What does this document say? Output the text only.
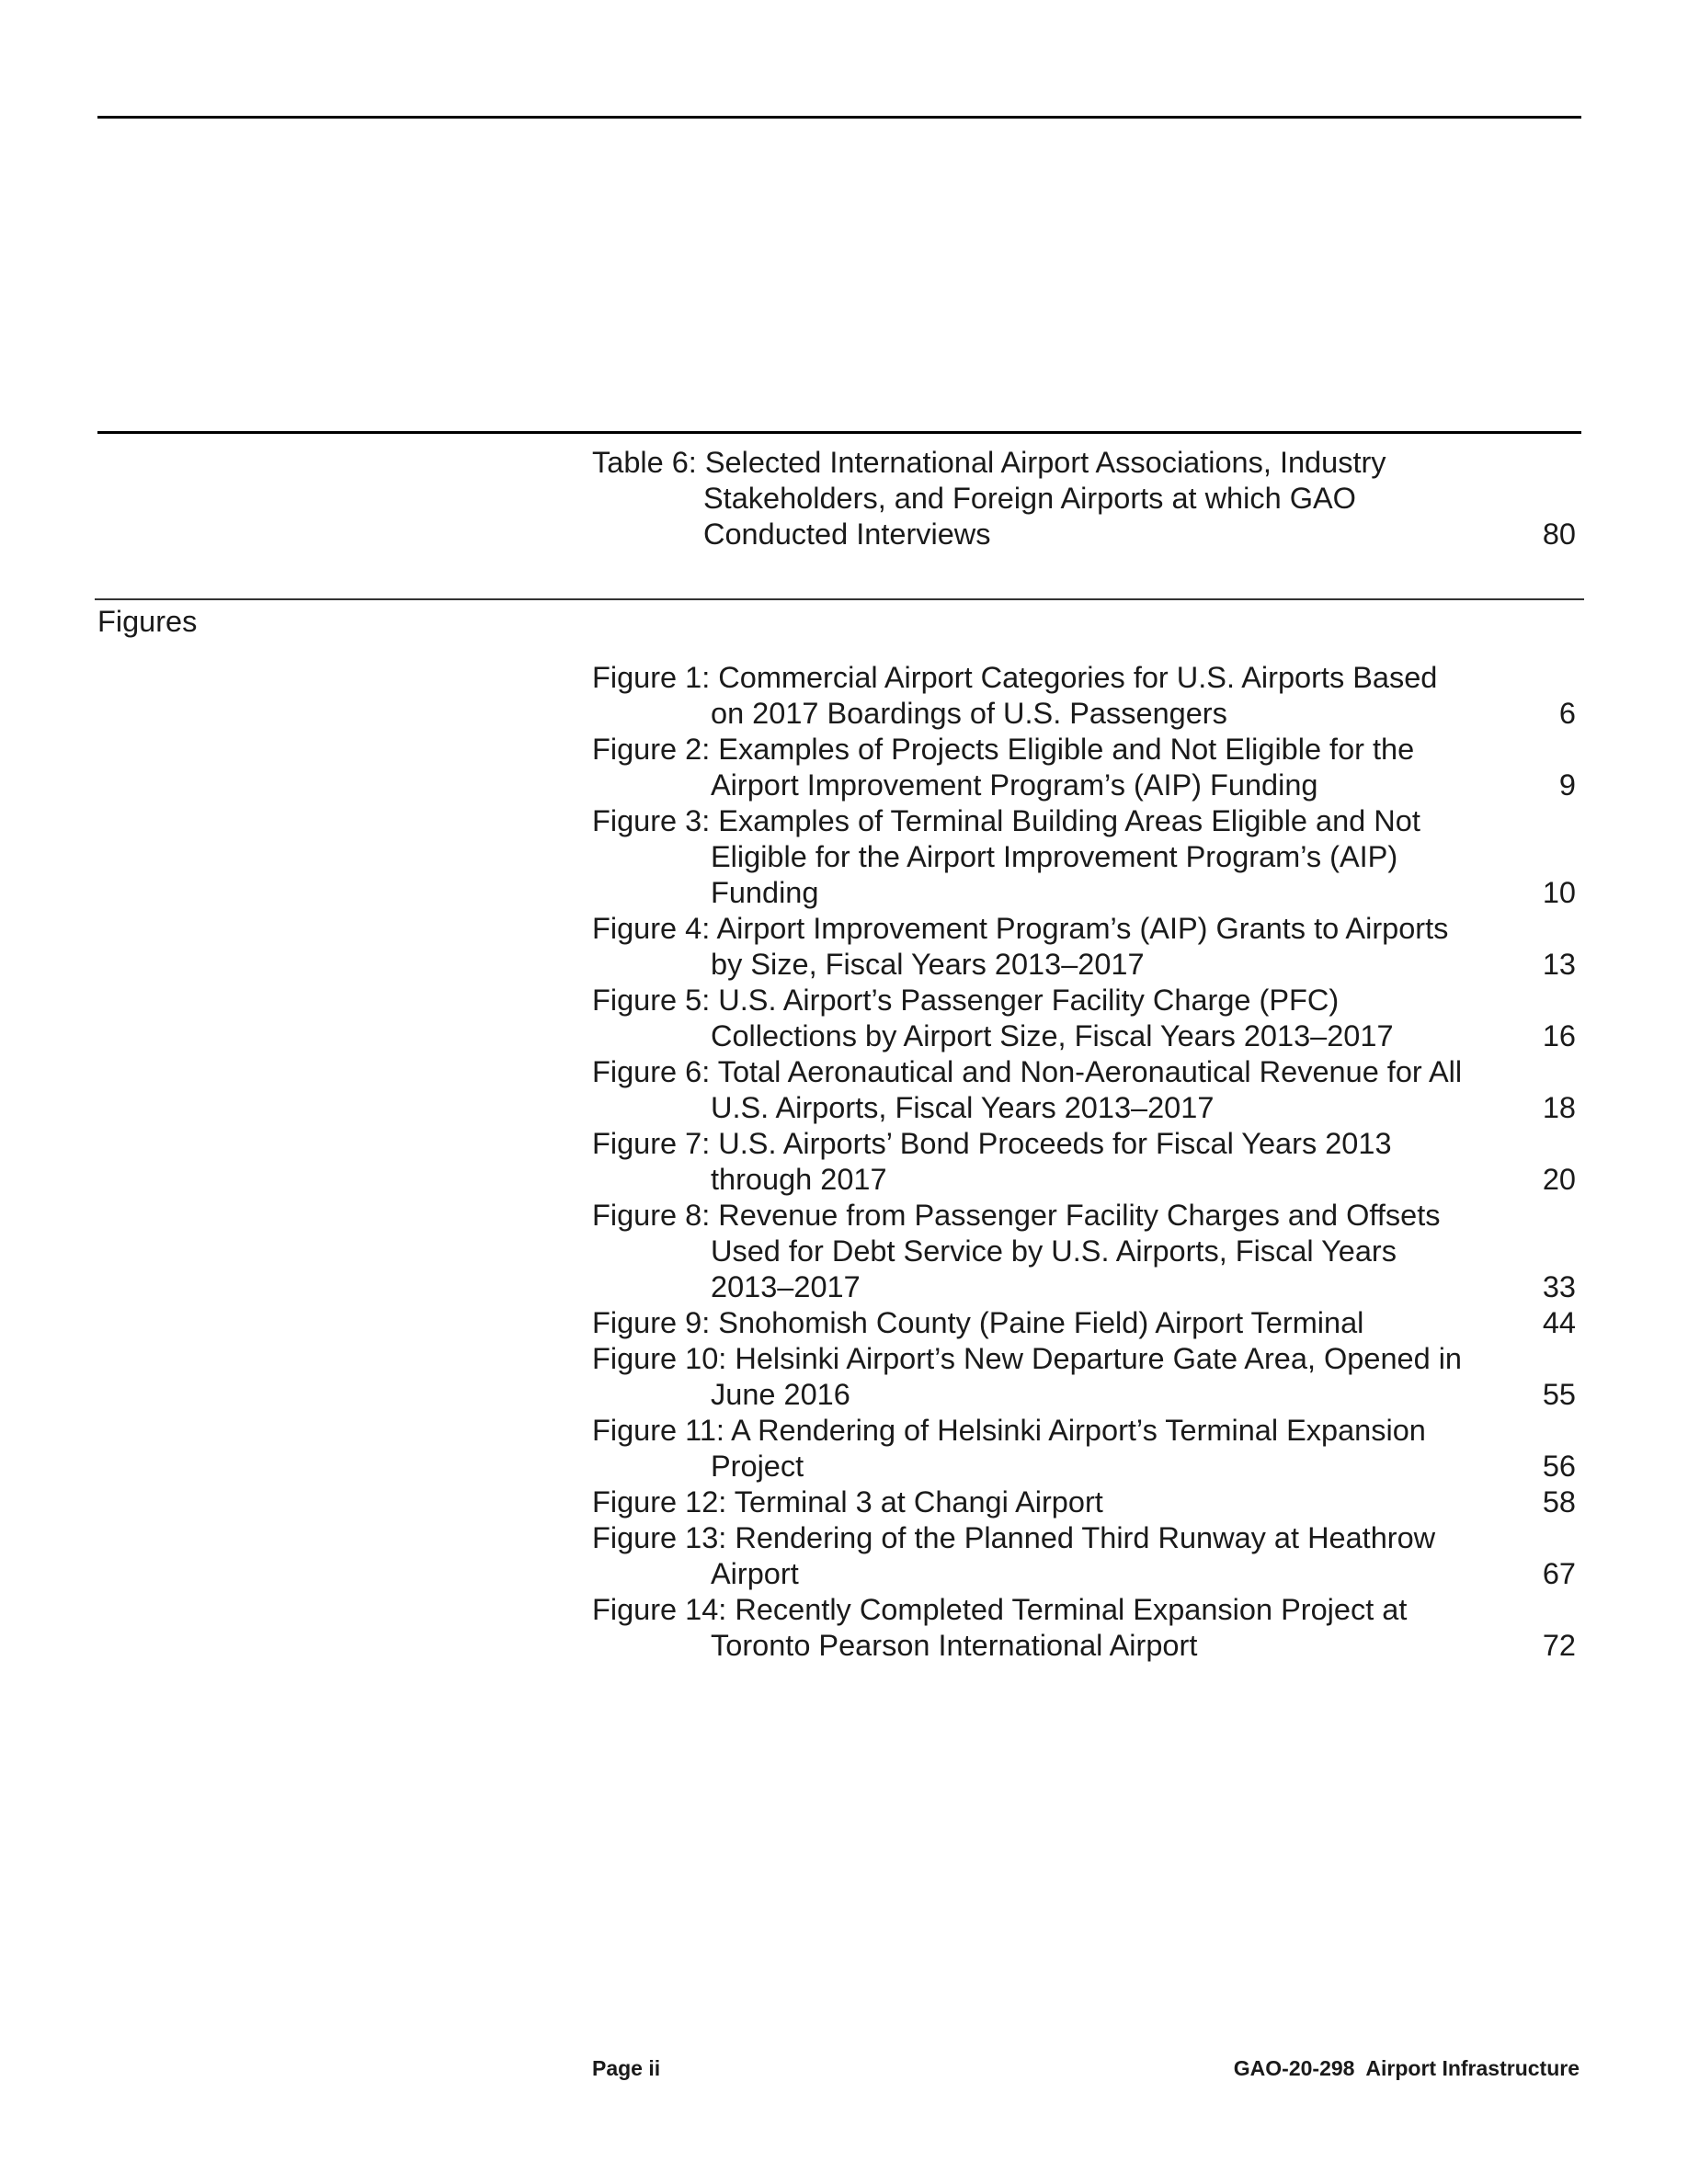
Table 6: Selected International Airport Associations, Industry
Stakeholders, and Foreign Airports at which GAO
Conducted Interviews	80
Figures
Figure 1: Commercial Airport Categories for U.S. Airports Based
on 2017 Boardings of U.S. Passengers	6
Figure 2: Examples of Projects Eligible and Not Eligible for the
Airport Improvement Program’s (AIP) Funding	9
Figure 3: Examples of Terminal Building Areas Eligible and Not
Eligible for the Airport Improvement Program’s (AIP)
Funding	10
Figure 4: Airport Improvement Program’s (AIP) Grants to Airports
by Size, Fiscal Years 2013–2017	13
Figure 5: U.S. Airport’s Passenger Facility Charge (PFC)
Collections by Airport Size, Fiscal Years 2013–2017	16
Figure 6: Total Aeronautical and Non-Aeronautical Revenue for All
U.S. Airports, Fiscal Years 2013–2017	18
Figure 7: U.S. Airports’ Bond Proceeds for Fiscal Years 2013
through 2017	20
Figure 8: Revenue from Passenger Facility Charges and Offsets
Used for Debt Service by U.S. Airports, Fiscal Years
2013–2017	33
Figure 9: Snohomish County (Paine Field) Airport Terminal	44
Figure 10: Helsinki Airport’s New Departure Gate Area, Opened in
June 2016	55
Figure 11: A Rendering of Helsinki Airport’s Terminal Expansion
Project	56
Figure 12: Terminal 3 at Changi Airport	58
Figure 13: Rendering of the Planned Third Runway at Heathrow
Airport	67
Figure 14: Recently Completed Terminal Expansion Project at
Toronto Pearson International Airport	72
Page ii	GAO-20-298 Airport Infrastructure
